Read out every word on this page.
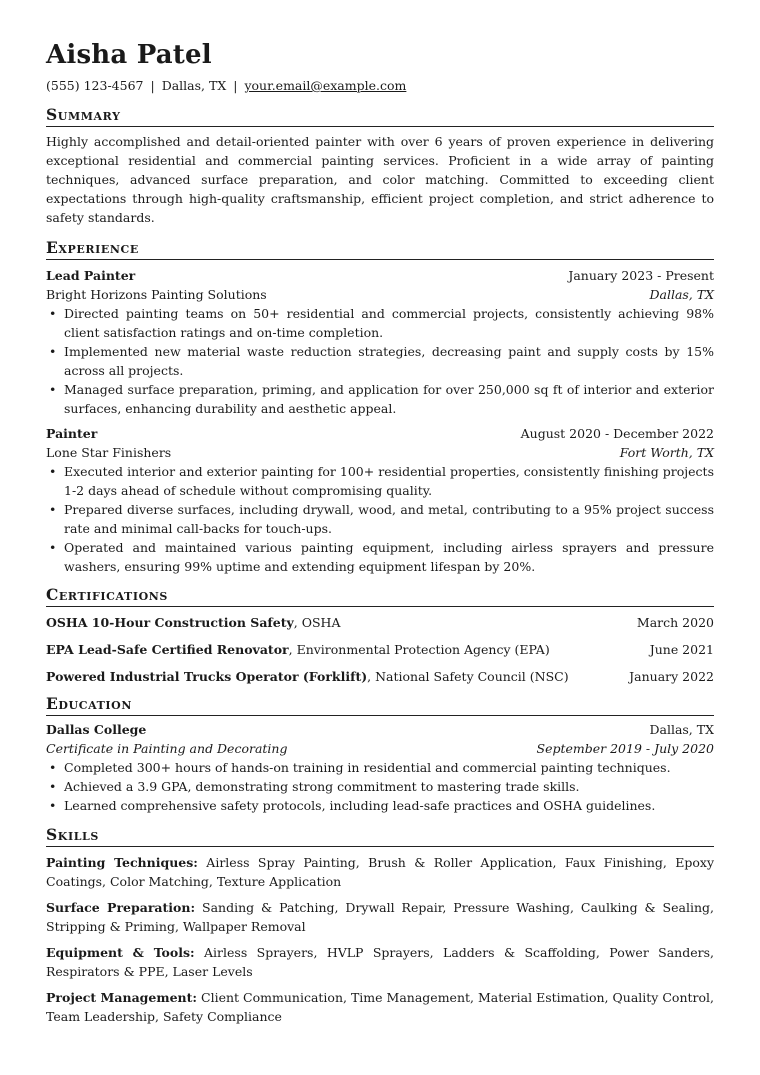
Aisha Patel
(555) 123-4567 | Dallas, TX | your.email@example.com
Summary
Highly accomplished and detail-oriented painter with over 6 years of proven experience in delivering exceptional residential and commercial painting services. Proficient in a wide array of painting techniques, advanced surface preparation, and color matching. Committed to exceeding client expectations through high-quality craftsmanship, efficient project completion, and strict adherence to safety standards.
Experience
Lead Painter	January 2023 - Present
Bright Horizons Painting Solutions	Dallas, TX
• Directed painting teams on 50+ residential and commercial projects, consistently achieving 98% client satisfaction ratings and on-time completion.
• Implemented new material waste reduction strategies, decreasing paint and supply costs by 15% across all projects.
• Managed surface preparation, priming, and application for over 250,000 sq ft of interior and exterior surfaces, enhancing durability and aesthetic appeal.
Painter	August 2020 - December 2022
Lone Star Finishers	Fort Worth, TX
• Executed interior and exterior painting for 100+ residential properties, consistently finishing projects 1-2 days ahead of schedule without compromising quality.
• Prepared diverse surfaces, including drywall, wood, and metal, contributing to a 95% project success rate and minimal call-backs for touch-ups.
• Operated and maintained various painting equipment, including airless sprayers and pressure washers, ensuring 99% uptime and extending equipment lifespan by 20%.
Certifications
OSHA 10-Hour Construction Safety, OSHA	March 2020
EPA Lead-Safe Certified Renovator, Environmental Protection Agency (EPA)	June 2021
Powered Industrial Trucks Operator (Forklift), National Safety Council (NSC)	January 2022
Education
Dallas College	Dallas, TX
Certificate in Painting and Decorating	September 2019 - July 2020
• Completed 300+ hours of hands-on training in residential and commercial painting techniques.
• Achieved a 3.9 GPA, demonstrating strong commitment to mastering trade skills.
• Learned comprehensive safety protocols, including lead-safe practices and OSHA guidelines.
Skills
Painting Techniques: Airless Spray Painting, Brush & Roller Application, Faux Finishing, Epoxy Coatings, Color Matching, Texture Application
Surface Preparation: Sanding & Patching, Drywall Repair, Pressure Washing, Caulking & Sealing, Stripping & Priming, Wallpaper Removal
Equipment & Tools: Airless Sprayers, HVLP Sprayers, Ladders & Scaffolding, Power Sanders, Respirators & PPE, Laser Levels
Project Management: Client Communication, Time Management, Material Estimation, Quality Control, Team Leadership, Safety Compliance
